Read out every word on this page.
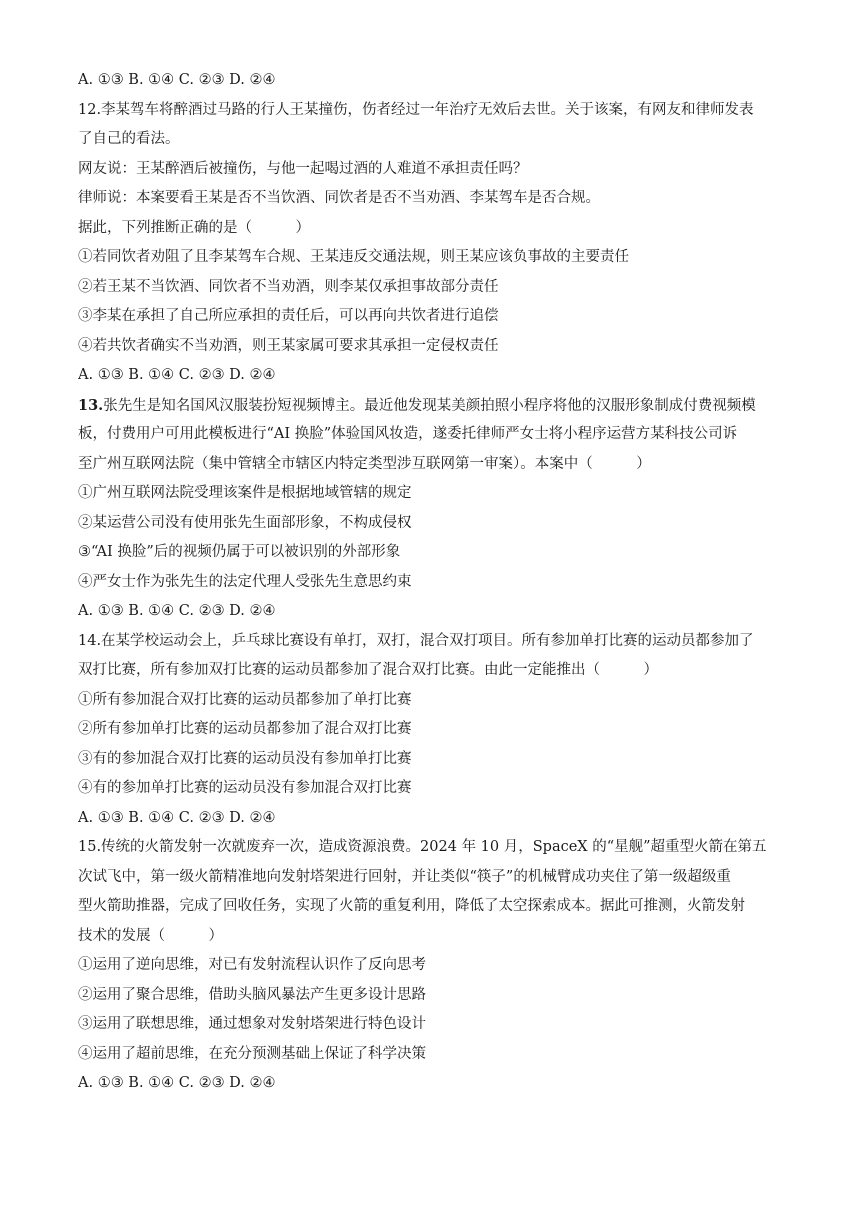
A. ①③ B. ①④ C. ②③ D. ②④
12.李某驾车将醉酒过马路的行人王某撞伤，伤者经过一年治疗无效后去世。关于该案，有网友和律师发表
了自己的看法。
网友说：王某醉酒后被撞伤，与他一起喝过酒的人难道不承担责任吗？
律师说：本案要看王某是否不当饮酒、同饮者是否不当劝酒、李某驾车是否合规。
据此，下列推断正确的是（　　　）
①若同饮者劝阻了且李某驾车合规、王某违反交通法规，则王某应该负事故的主要责任
②若王某不当饮酒、同饮者不当劝酒，则李某仅承担事故部分责任
③李某在承担了自己所应承担的责任后，可以再向共饮者进行追偿
④若共饮者确实不当劝酒，则王某家属可要求其承担一定侵权责任
A. ①③ B. ①④ C. ②③ D. ②④
13.张先生是知名国风汉服装扮短视频博主。最近他发现某美颜拍照小程序将他的汉服形象制成付费视频模
板，付费用户可用此模板进行“AI 换脸”体验国风妆造，遂委托律师严女士将小程序运营方某科技公司诉
至广州互联网法院（集中管辖全市辖区内特定类型涉互联网第一审案）。本案中（　　　）
①广州互联网法院受理该案件是根据地域管辖的规定
②某运营公司没有使用张先生面部形象，不构成侵权
③“AI 换脸”后的视频仍属于可以被识别的外部形象
④严女士作为张先生的法定代理人受张先生意思约束
A. ①③ B. ①④ C. ②③ D. ②④
14.在某学校运动会上，乒乓球比赛设有单打，双打，混合双打项目。所有参加单打比赛的运动员都参加了
双打比赛，所有参加双打比赛的运动员都参加了混合双打比赛。由此一定能推出（　　　）
①所有参加混合双打比赛的运动员都参加了单打比赛
②所有参加单打比赛的运动员都参加了混合双打比赛
③有的参加混合双打比赛的运动员没有参加单打比赛
④有的参加单打比赛的运动员没有参加混合双打比赛
A. ①③ B. ①④ C. ②③ D. ②④
15.传统的火箭发射一次就废弃一次，造成资源浪费。2024 年 10 月，SpaceX 的“星舰”超重型火箭在第五
次试飞中，第一级火箭精准地向发射塔架进行回射，并让类似“筷子”的机械臂成功夹住了第一级超级重
型火箭助推器，完成了回收任务，实现了火箭的重复利用，降低了太空探索成本。据此可推测，火箭发射
技术的发展（　　　）
①运用了逆向思维，对已有发射流程认识作了反向思考
②运用了聚合思维，借助头脑风暴法产生更多设计思路
③运用了联想思维，通过想象对发射塔架进行特色设计
④运用了超前思维，在充分预测基础上保证了科学决策
A. ①③ B. ①④ C. ②③ D. ②④
